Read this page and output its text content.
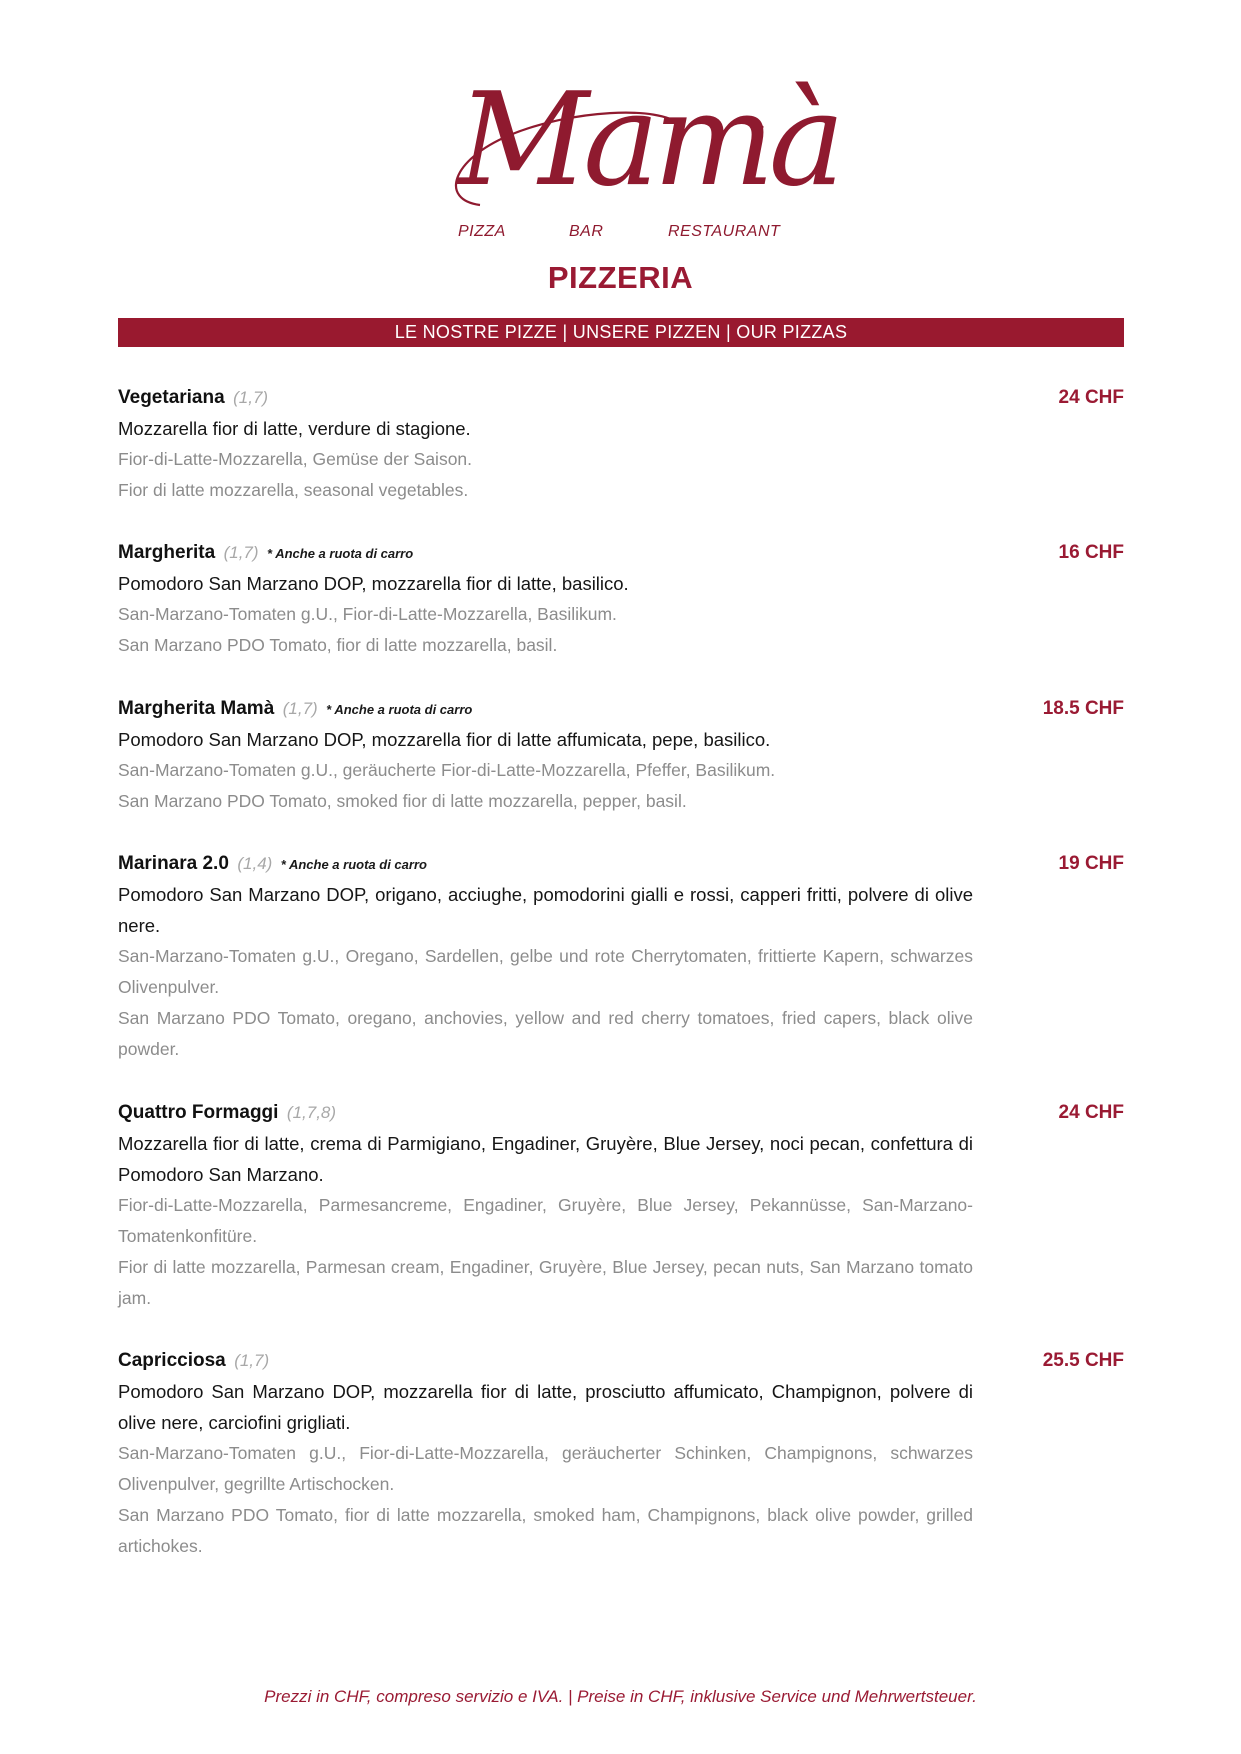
Mamà
PIZZA	BAR	RESTAURANT
PIZZERIA
LE NOSTRE PIZZE | UNSERE PIZZEN | OUR PIZZAS
Vegetariana (1,7)	24 CHF
Mozzarella fior di latte, verdure di stagione.
Fior-di-Latte-Mozzarella, Gemüse der Saison.
Fior di latte mozzarella, seasonal vegetables.
Margherita (1,7) * Anche a ruota di carro	16 CHF
Pomodoro San Marzano DOP, mozzarella fior di latte, basilico.
San-Marzano-Tomaten g.U., Fior-di-Latte-Mozzarella, Basilikum.
San Marzano PDO Tomato, fior di latte mozzarella, basil.
Margherita Mamà (1,7) * Anche a ruota di carro	18.5 CHF
Pomodoro San Marzano DOP, mozzarella fior di latte affumicata, pepe, basilico.
San-Marzano-Tomaten g.U., geräucherte Fior-di-Latte-Mozzarella, Pfeffer, Basilikum.
San Marzano PDO Tomato, smoked fior di latte mozzarella, pepper, basil.
Marinara 2.0 (1,4) * Anche a ruota di carro	19 CHF
Pomodoro San Marzano DOP, origano, acciughe, pomodorini gialli e rossi, capperi fritti, polvere di olive nere.
San-Marzano-Tomaten g.U., Oregano, Sardellen, gelbe und rote Cherrytomaten, frittierte Kapern, schwarzes Olivenpulver.
San Marzano PDO Tomato, oregano, anchovies, yellow and red cherry tomatoes, fried capers, black olive powder.
Quattro Formaggi (1,7,8)	24 CHF
Mozzarella fior di latte, crema di Parmigiano, Engadiner, Gruyère, Blue Jersey, noci pecan, confettura di Pomodoro San Marzano.
Fior-di-Latte-Mozzarella, Parmesancreme, Engadiner, Gruyère, Blue Jersey, Pekannüsse, San-Marzano-Tomatenkonfitüre.
Fior di latte mozzarella, Parmesan cream, Engadiner, Gruyère, Blue Jersey, pecan nuts, San Marzano tomato jam.
Capricciosa (1,7)	25.5 CHF
Pomodoro San Marzano DOP, mozzarella fior di latte, prosciutto affumicato, Champignon, polvere di olive nere, carciofini grigliati.
San-Marzano-Tomaten g.U., Fior-di-Latte-Mozzarella, geräucherter Schinken, Champignons, schwarzes Olivenpulver, gegrillte Artischocken.
San Marzano PDO Tomato, fior di latte mozzarella, smoked ham, Champignons, black olive powder, grilled artichokes.
Prezzi in CHF, compreso servizio e IVA. | Preise in CHF, inklusive Service und Mehrwertsteuer.
